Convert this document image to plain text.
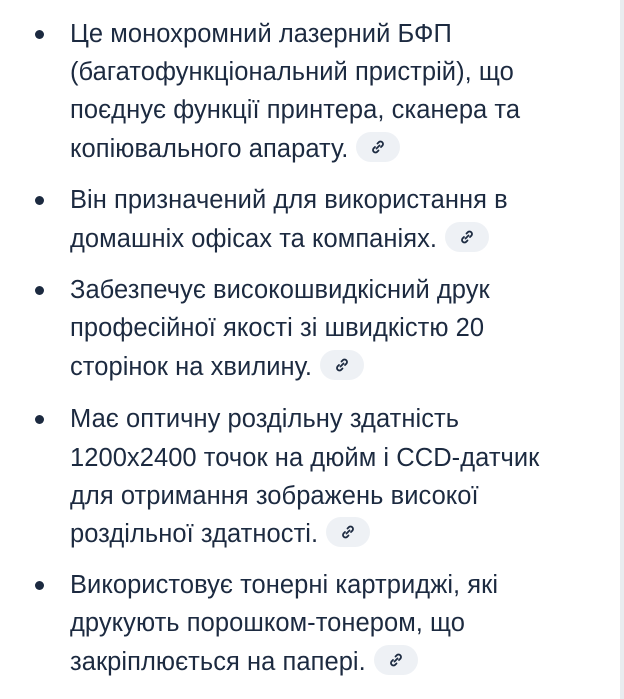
Це монохромний лазерний БФП
(багатофункціональний пристрій), що
поєднує функції принтера, сканера та
копіювального апарату.
Він призначений для використання в
домашніх офісах та компаніях.
Забезпечує високошвидкісний друк
професійної якості зі швидкістю 20
сторінок на хвилину.
Має оптичну роздільну здатність
1200x2400 точок на дюйм і CCD-датчик
для отримання зображень високої
роздільної здатності.
Використовує тонерні картриджі, які
друкують порошком-тонером, що
закріплюється на папері.
